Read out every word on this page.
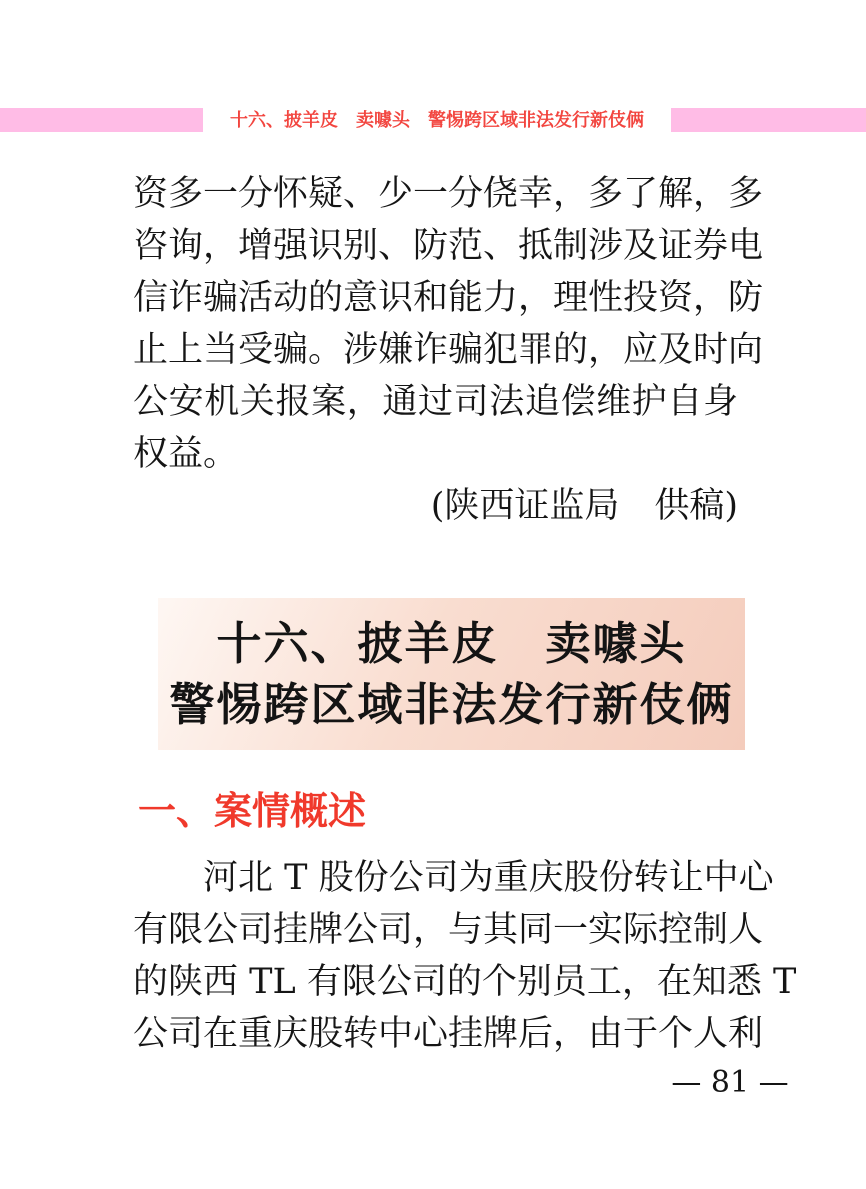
十六、披羊皮　卖噱头　警惕跨区域非法发行新伎俩
资多一分怀疑、少一分侥幸，多了解，多
咨询，增强识别、防范、抵制涉及证券电
信诈骗活动的意识和能力，理性投资，防
止上当受骗。涉嫌诈骗犯罪的，应及时向
公安机关报案，通过司法追偿维护自身
权益。
(陕西证监局　供稿)
十六、披羊皮　卖噱头
警惕跨区域非法发行新伎俩
一、案情概述
河北 T 股份公司为重庆股份转让中心
有限公司挂牌公司，与其同一实际控制人
的陕西 TL 有限公司的个别员工，在知悉 T
公司在重庆股转中心挂牌后，由于个人利
— 81 —
